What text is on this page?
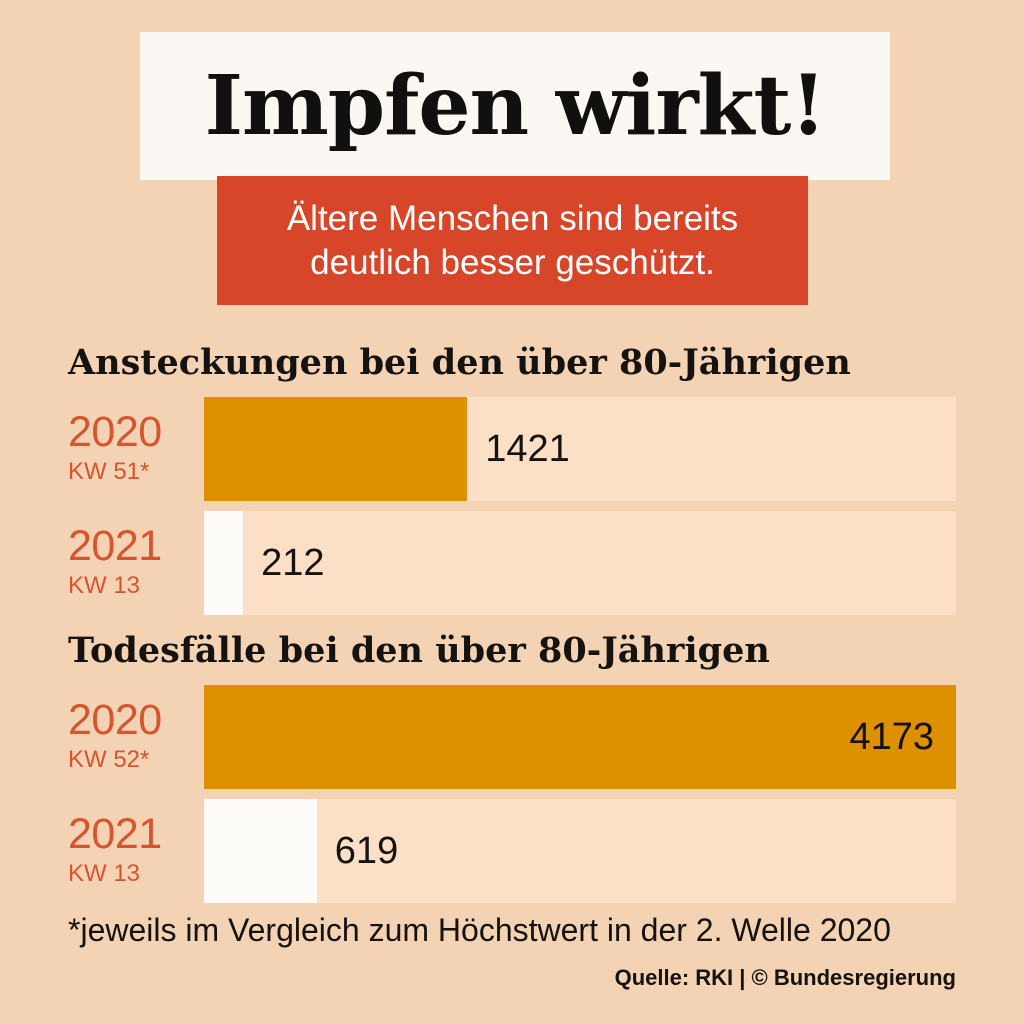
Impfen wirkt!
Ältere Menschen sind bereits
deutlich besser geschützt.
Ansteckungen bei den über 80-Jährigen
2020
KW 51*
1421
2021
KW 13
212
Todesfälle bei den über 80-Jährigen
2020
KW 52*
4173
2021
KW 13
619
*jeweils im Vergleich zum Höchstwert in der 2. Welle 2020
Quelle: RKI | © Bundesregierung
